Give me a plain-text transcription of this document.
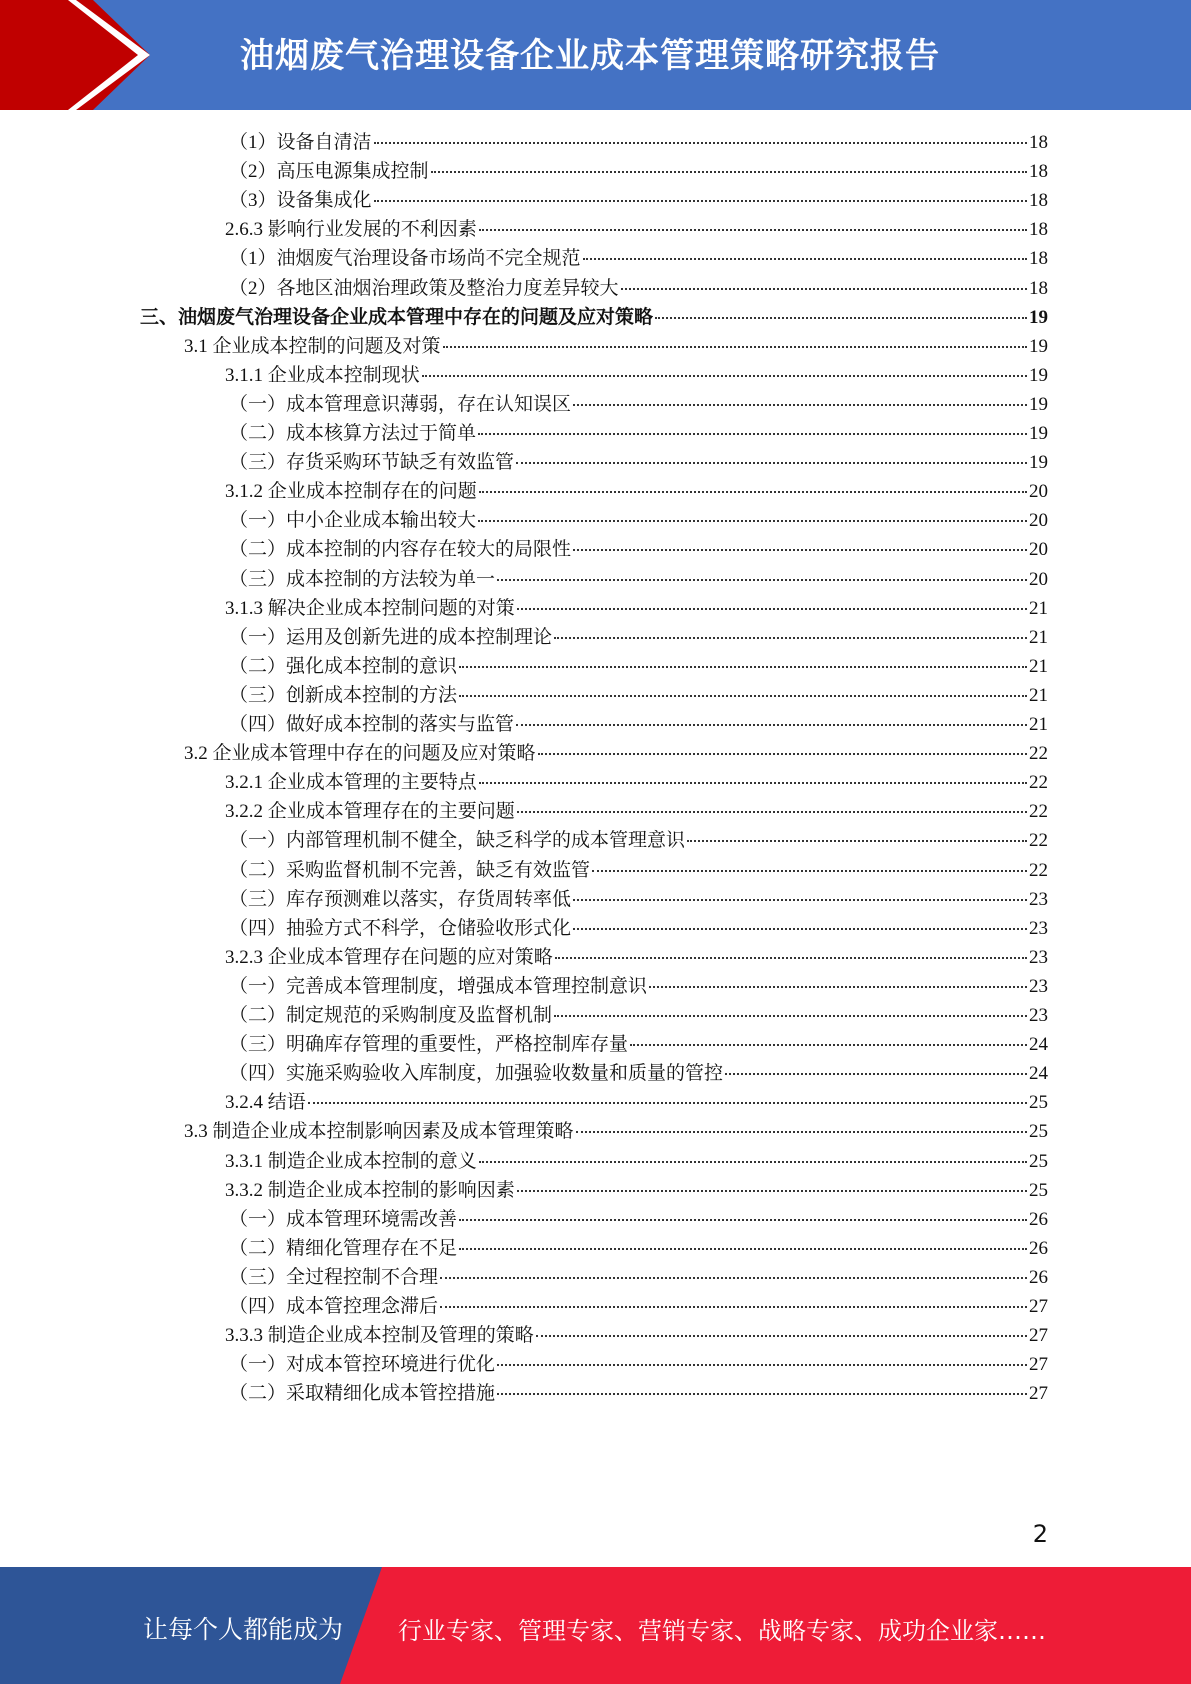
油烟废气治理设备企业成本管理策略研究报告
（1）设备自清洁	18
（2）高压电源集成控制	18
（3）设备集成化	18
2.6.3 影响行业发展的不利因素	18
（1）油烟废气治理设备市场尚不完全规范	18
（2）各地区油烟治理政策及整治力度差异较大	18
三、油烟废气治理设备企业成本管理中存在的问题及应对策略	19
3.1 企业成本控制的问题及对策	19
3.1.1 企业成本控制现状	19
（一）成本管理意识薄弱，存在认知误区	19
（二）成本核算方法过于简单	19
（三）存货采购环节缺乏有效监管	19
3.1.2 企业成本控制存在的问题	20
（一）中小企业成本输出较大	20
（二）成本控制的内容存在较大的局限性	20
（三）成本控制的方法较为单一	20
3.1.3 解决企业成本控制问题的对策	21
（一）运用及创新先进的成本控制理论	21
（二）强化成本控制的意识	21
（三）创新成本控制的方法	21
（四）做好成本控制的落实与监管	21
3.2 企业成本管理中存在的问题及应对策略	22
3.2.1 企业成本管理的主要特点	22
3.2.2 企业成本管理存在的主要问题	22
（一）内部管理机制不健全，缺乏科学的成本管理意识	22
（二）采购监督机制不完善，缺乏有效监管	22
（三）库存预测难以落实，存货周转率低	23
（四）抽验方式不科学，仓储验收形式化	23
3.2.3 企业成本管理存在问题的应对策略	23
（一）完善成本管理制度，增强成本管理控制意识	23
（二）制定规范的采购制度及监督机制	23
（三）明确库存管理的重要性，严格控制库存量	24
（四）实施采购验收入库制度，加强验收数量和质量的管控	24
3.2.4 结语	25
3.3 制造企业成本控制影响因素及成本管理策略	25
3.3.1 制造企业成本控制的意义	25
3.3.2 制造企业成本控制的影响因素	25
（一）成本管理环境需改善	26
（二）精细化管理存在不足	26
（三）全过程控制不合理	26
（四）成本管控理念滞后	27
3.3.3 制造企业成本控制及管理的策略	27
（一）对成本管控环境进行优化	27
（二）采取精细化成本管控措施	27
2
让每个人都能成为 行业专家、管理专家、营销专家、战略专家、成功企业家……
